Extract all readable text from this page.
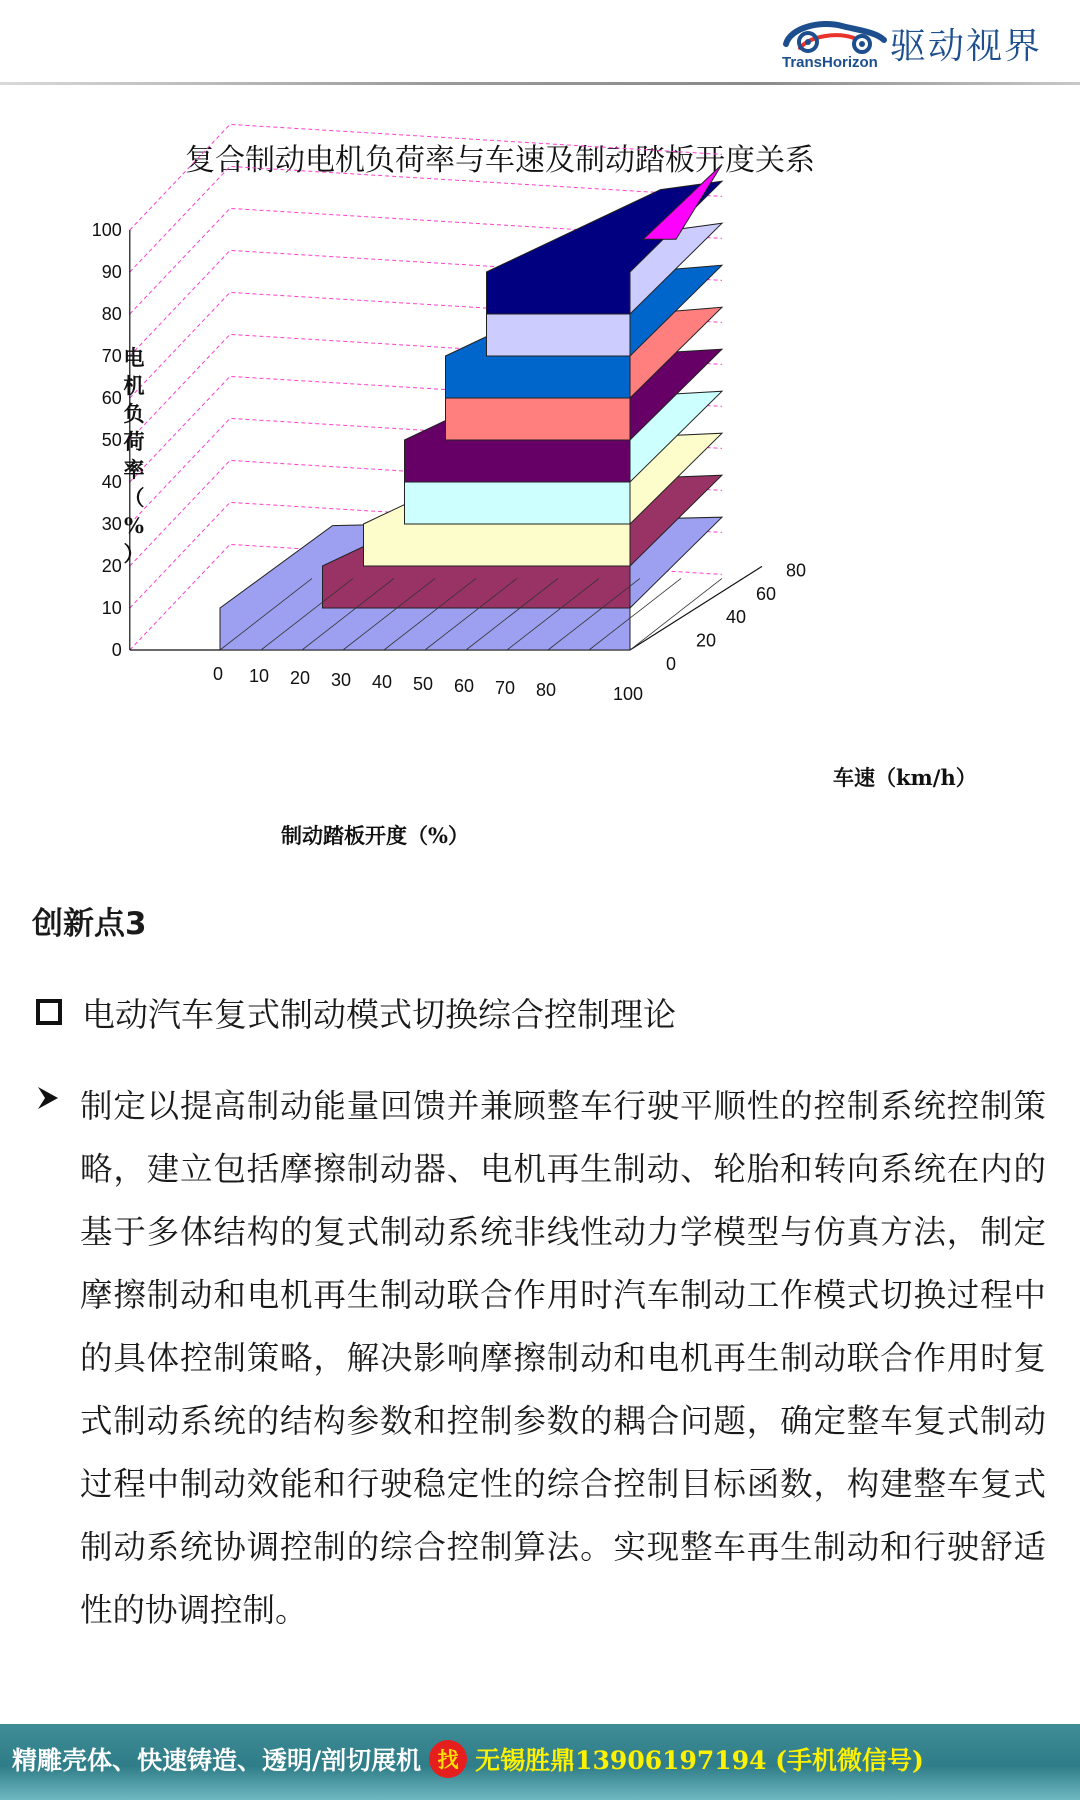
TransHorizon 驱动视界
复合制动电机负荷率与车速及制动踏板开度关系
0
10
20
30
40
50
60
70
80
90
100
0 10 20 30 40 50 60 70 80	100
0
20
40
60
80
电机负荷率（%）
制动踏板开度（%）
车速（km/h）
创新点3
电动汽车复式制动模式切换综合控制理论
制定以提高制动能量回馈并兼顾整车行驶平顺性的控制系统控制策略，建立包括摩擦制动器、电机再生制动、轮胎和转向系统在内的基于多体结构的复式制动系统非线性动力学模型与仿真方法，制定摩擦制动和电机再生制动联合作用时汽车制动工作模式切换过程中的具体控制策略，解决影响摩擦制动和电机再生制动联合作用时复式制动系统的结构参数和控制参数的耦合问题，确定整车复式制动过程中制动效能和行驶稳定性的综合控制目标函数，构建整车复式制动系统协调控制的综合控制算法。实现整车再生制动和行驶舒适性的协调控制。
精雕壳体、快速铸造、透明/剖切展机 找 无锡胜鼎13906197194 (手机微信号)
